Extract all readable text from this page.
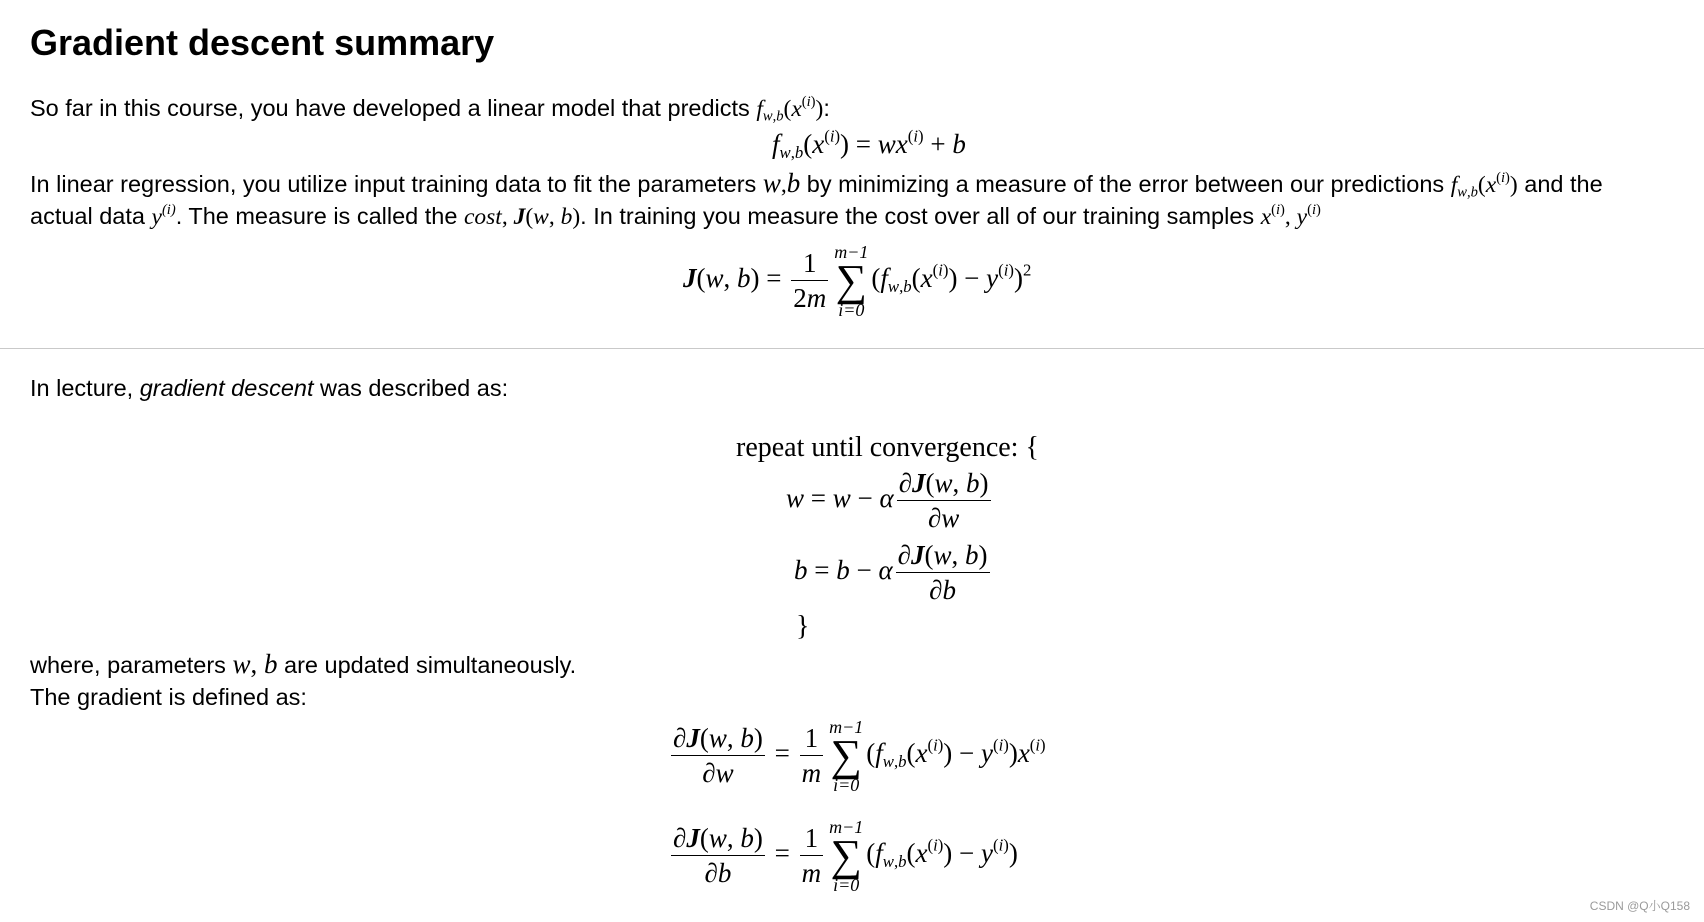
Gradient descent summary
So far in this course, you have developed a linear model that predicts $f_{w,b}(x^{(i)})$:
$f_{w,b}(x^{(i)}) = wx^{(i)} + b$
In linear regression, you utilize input training data to fit the parameters w,b by minimizing a measure of the error between our predictions $f_{w,b}(x^{(i)})$ and the
actual data $y^{(i)}$. The measure is called the cost, J(w, b). In training you measure the cost over all of our training samples $x^{(i)}$, $y^{(i)}$
J(w, $b) = \frac{1}{2m} m-1$
∑
i=0
$(f_{w,b}(x^{(i)}) - y^{(i)})^2$
In lecture, gradient descent was described as:
repeat until convergence: {
w = w − α $\frac{\partial J(w, b)}{\partial w}$
b = b − α $\frac{\partial J(w, b)}{\partial b}$
}
where, parameters w, b are updated simultaneously.
The gradient is defined as:
$\frac{\partial J(w, b)}{\partial w} = \frac{1}{m} m-1$
∑
i=0
$(f_{w,b}(x^{(i)}) - y^{(i)})x^{(i)}$
$\frac{\partial J(w, b)}{\partial b} = \frac{1}{m} m-1$
∑
i=0
$(f_{w,b}(x^{(i)}) - y^{(i)})$
CSDN @Q小Q158
